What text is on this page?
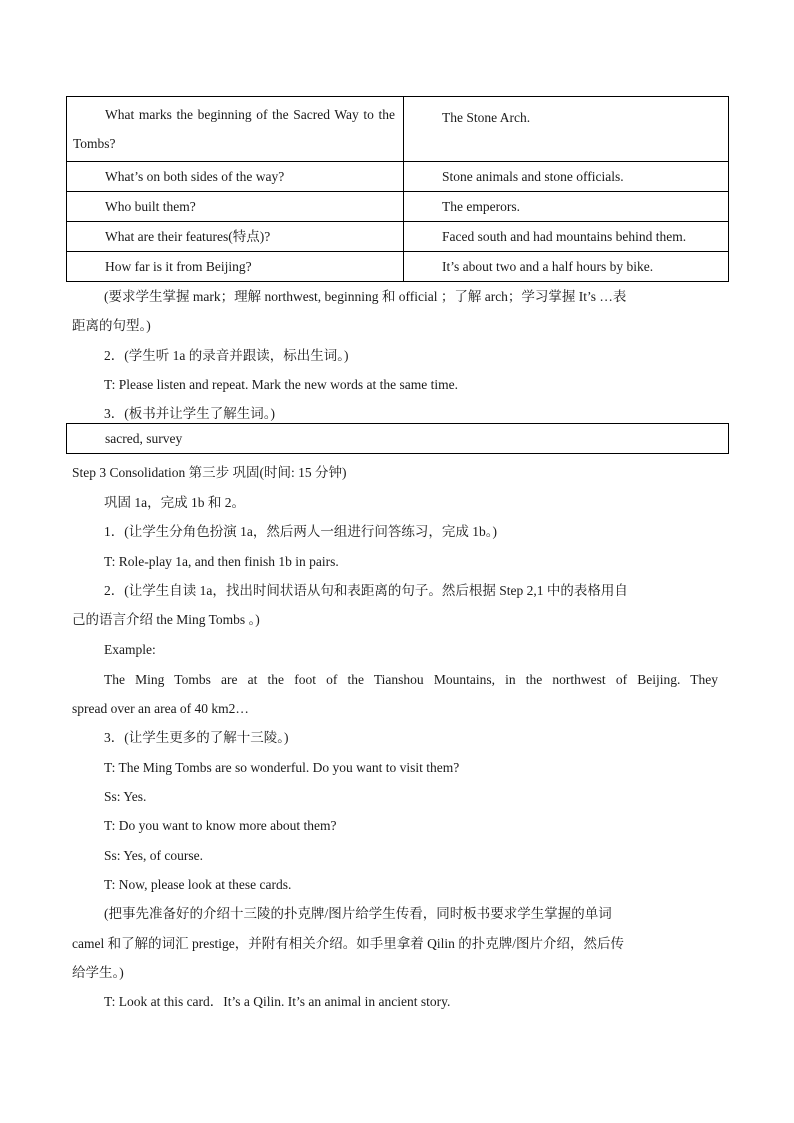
What marks the beginning of the Sacred Way to the Tombs?	The Stone Arch.
What’s on both sides of the way?	Stone animals and stone officials.
Who built them?	The emperors.
What are their features(特点)?	Faced south and had mountains behind them.
How far is it from Beijing?	It’s about two and a half hours by bike.
(要求学生掌握 mark；理解 northwest, beginning 和 official ；了解 arch；学习掌握 It’s …表
距离的句型。)
2．(学生听 1a 的录音并跟读，标出生词。)
T: Please listen and repeat. Mark the new words at the same time.
3．(板书并让学生了解生词。)
sacred, survey
Step 3 Consolidation 第三步 巩固(时间: 15 分钟)
巩固 1a，完成 1b 和 2。
1．(让学生分角色扮演 1a，然后两人一组进行问答练习，完成 1b。)
T: Role-play 1a, and then finish 1b in pairs.
2．(让学生自读 1a，找出时间状语从句和表距离的句子。然后根据 Step 2,1 中的表格用自
己的语言介绍 the Ming Tombs 。)
Example:
The Ming Tombs are at the foot of the Tianshou Mountains, in the northwest of Beijing. They
spread over an area of 40 km2…
3．(让学生更多的了解十三陵。)
T: The Ming Tombs are so wonderful. Do you want to visit them?
Ss: Yes.
T: Do you want to know more about them?
Ss: Yes, of course.
T: Now, please look at these cards.
(把事先准备好的介绍十三陵的扑克牌/图片给学生传看，同时板书要求学生掌握的单词
camel 和了解的词汇 prestige，并附有相关介绍。如手里拿着 Qilin 的扑克牌/图片介绍，然后传
给学生。)
T: Look at this card．It’s a Qilin. It’s an animal in ancient story.
